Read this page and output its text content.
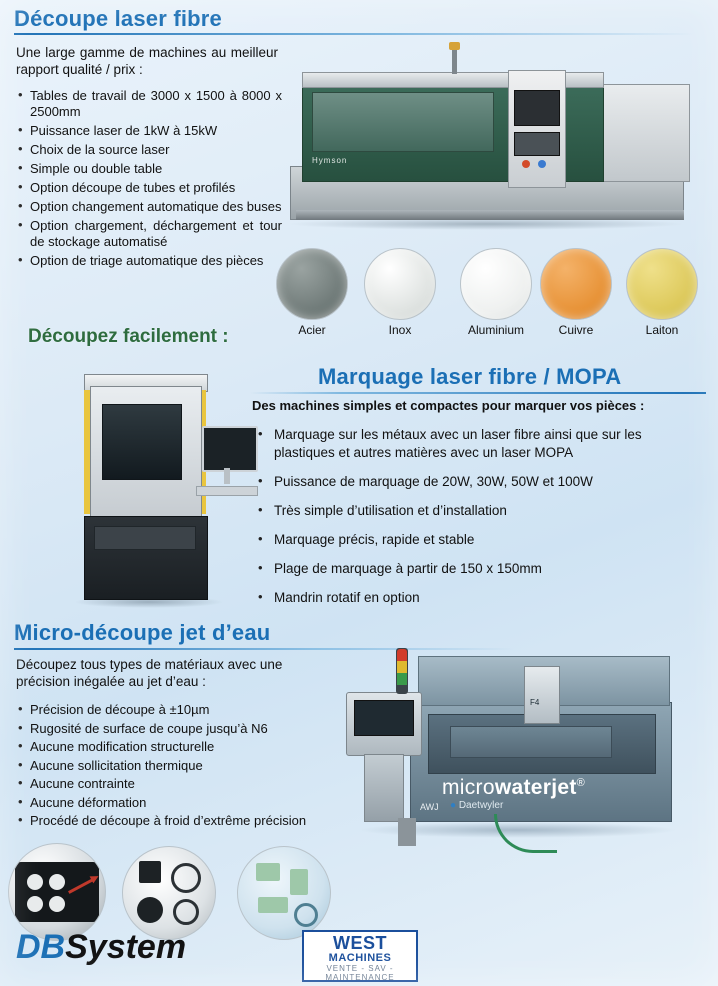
Découpe laser fibre
Une large gamme de machines au meilleur rapport qualité / prix :
• Tables de travail de 3000 x 1500 à 8000 x 2500mm
• Puissance laser de 1kW à 15kW
• Choix de la source laser
• Simple ou double table
• Option découpe de tubes et profilés
• Option changement automatique des buses
• Option chargement, déchargement et tour de stockage automatisé
• Option de triage automatique des pièces
Hymson
Acier	Inox	Aluminium	Cuivre	Laiton
Découpez facilement :
Marquage laser fibre / MOPA
Des machines simples et compactes pour marquer vos pièces :
• Marquage sur les métaux avec un laser fibre ainsi que sur les plastiques et autres matières avec un laser MOPA
• Puissance de marquage de 20W, 30W, 50W et 100W
• Très simple d’utilisation et d’installation
• Marquage précis, rapide et stable
• Plage de marquage à partir de 150 x 150mm
• Mandrin rotatif en option
Micro-découpe jet d’eau
Découpez tous types de matériaux avec une précision inégalée au jet d’eau :
• Précision de découpe à ±10µm
• Rugosité de surface de coupe jusqu’à N6
• Aucune modification structurelle
• Aucune sollicitation thermique
• Aucune contrainte
• Aucune déformation
• Procédé de découpe à froid d’extrême précision
F4
microwaterjet®
● Daetwyler
AWJ
DBSystem	WEST
MACHINES
VENTE - SAV - MAINTENANCE
